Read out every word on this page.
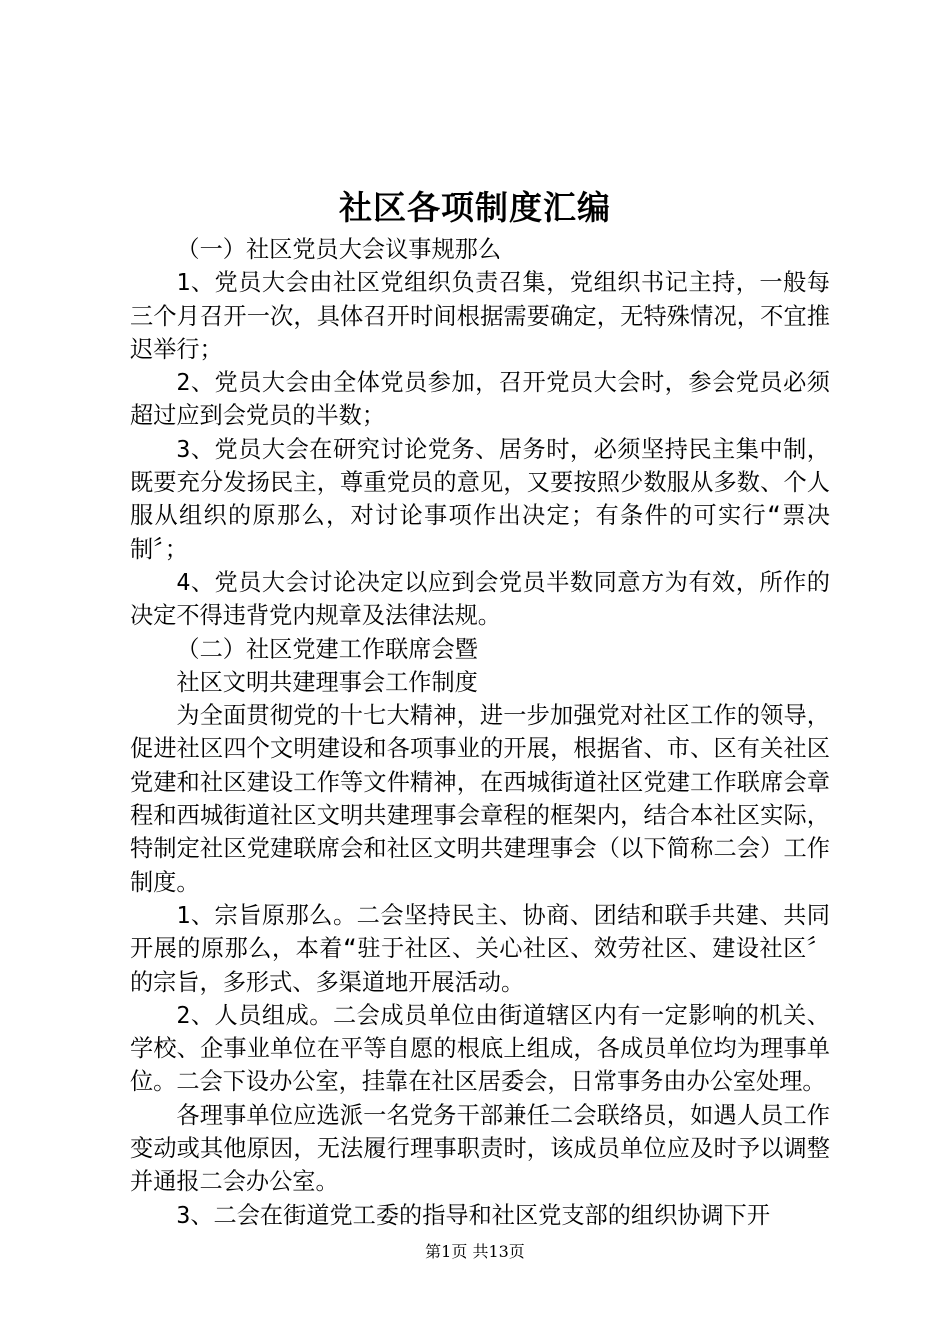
社区各项制度汇编

（一）社区党员大会议事规那么

1、党员大会由社区党组织负责召集，党组织书记主持，一般每三个月召开一次，具体召开时间根据需要确定，无特殊情况，不宜推迟举行；

2、党员大会由全体党员参加，召开党员大会时，参会党员必须超过应到会党员的半数；

3、党员大会在研究讨论党务、居务时，必须坚持民主集中制，既要充分发扬民主，尊重党员的意见，又要按照少数服从多数、个人服从组织的原那么，对讨论事项作出决定；有条件的可实行“票决制〞；

4、党员大会讨论决定以应到会党员半数同意方为有效，所作的决定不得违背党内规章及法律法规。

（二）社区党建工作联席会暨

社区文明共建理事会工作制度

为全面贯彻党的十七大精神，进一步加强党对社区工作的领导，促进社区四个文明建设和各项事业的开展，根据省、市、区有关社区党建和社区建设工作等文件精神，在西城街道社区党建工作联席会章程和西城街道社区文明共建理事会章程的框架内，结合本社区实际，特制定社区党建联席会和社区文明共建理事会（以下简称二会）工作制度。

1、宗旨原那么。二会坚持民主、协商、团结和联手共建、共同开展的原那么，本着“驻于社区、关心社区、效劳社区、建设社区〞的宗旨，多形式、多渠道地开展活动。

2、人员组成。二会成员单位由街道辖区内有一定影响的机关、学校、企事业单位在平等自愿的根底上组成，各成员单位均为理事单位。二会下设办公室，挂靠在社区居委会，日常事务由办公室处理。

各理事单位应选派一名党务干部兼任二会联络员，如遇人员工作变动或其他原因，无法履行理事职责时，该成员单位应及时予以调整并通报二会办公室。

3、二会在街道党工委的指导和社区党支部的组织协调下开

第1页 共13页
